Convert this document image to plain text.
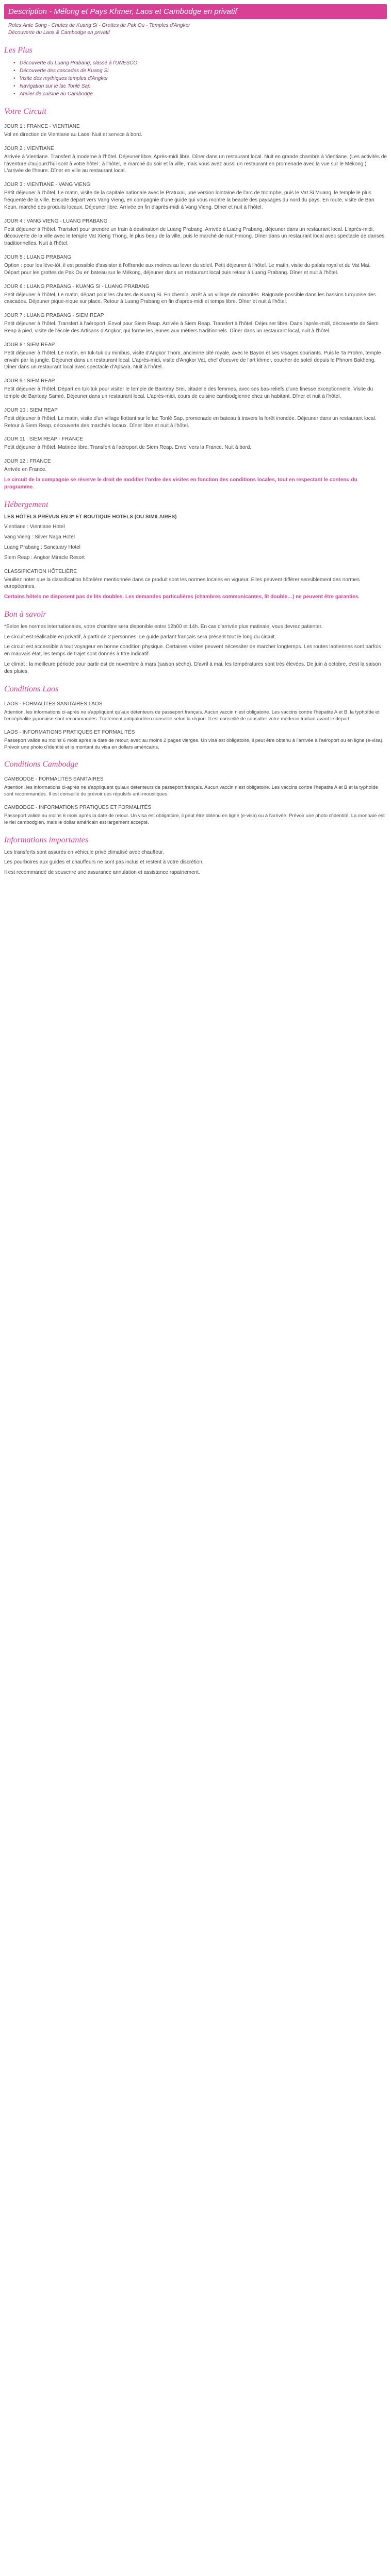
Description - Mélong et Pays Khmer, Laos et Cambodge en privatif
Roles Ante Song - Chutes de Kuang Si - Grottes de Pak Ou - Temples d'Angkor
Découverte du Laos & Cambodge en privatif
Les Plus
• Découverte du Luang Prabang, classé à l'UNESCO
• Découverte des cascades de Kuang Si
• Visite des mythiques temples d'Angkor
• Navigation sur le lac Tonlé Sap
• Atelier de cuisine au Cambodge
Votre Circuit
JOUR 1 : FRANCE - VIENTIANE

Vol en direction de Vientiane au Laos. Nuit et service à bord.

JOUR 2 : VIENTIANE

Arrivée à Vientiane. Transfert à moderne à l'hôtel. Déjeuner libre. Après-midi libre. Dîner dans un restaurant local. Nuit en grande chambre à Vientiane. (Les activités de l'aventure d'aujourd'hui sont à votre hôtel : à l'hôtel, le marché du soir et la ville, mais vous avez aussi un restaurant en promenade avec la vue sur le Mékong.) L'arrivée de l'heure. Dîner en ville au restaurant local.

JOUR 3 : VIENTIANE - VANG VIENG

Petit déjeuner à l'hôtel. Le matin, visite de la capitale nationale avec le Pratuxai, une version lointaine de l'arc de triomphe, puis le Vat Si Muang, le temple le plus fréquenté de la ville. Ensuite départ vers Vang Vieng, en compagnie d'une guide qui vous montre la beauté des paysages du nord du pays. En route, visite de Ban Keun, marché des produits locaux. Déjeuner libre. Arrivée en fin d'après-midi à Vang Vieng. Dîner et nuit à l'hôtel.

JOUR 4 : VANG VIENG - LUANG PRABANG

Petit déjeuner à l'hôtel. Transfert pour prendre un train à destination de Luang Prabang. Arrivée à Luang Prabang, déjeuner dans un restaurant local. L'après-midi, découverte de la ville avec le temple Vat Xieng Thong, le plus beau de la ville, puis le marché de nuit Hmong. Dîner dans un restaurant local avec spectacle de danses traditionnelles. Nuit à l'hôtel.

JOUR 5 : LUANG PRABANG

Option : pour les lève-tôt, il est possible d'assister à l'offrande aux moines au lever du soleil. Petit déjeuner à l'hôtel. Le matin, visite du palais royal et du Vat Mai. Départ pour les grottes de Pak Ou en bateau sur le Mékong, déjeuner dans un restaurant local puis retour à Luang Prabang. Dîner et nuit à l'hôtel.

JOUR 6 : LUANG PRABANG - KUANG SI - LUANG PRABANG

Petit déjeuner à l'hôtel. Le matin, départ pour les chutes de Kuang Si. En chemin, arrêt à un village de minorités. Baignade possible dans les bassins turquoise des cascades. Déjeuner pique-nique sur place. Retour à Luang Prabang en fin d'après-midi et temps libre. Dîner et nuit à l'hôtel.

JOUR 7 : LUANG PRABANG - SIEM REAP

Petit déjeuner à l'hôtel. Transfert à l'aéroport. Envol pour Siem Reap. Arrivée à Siem Reap. Transfert à l'hôtel. Déjeuner libre. Dans l'après-midi, découverte de Siem Reap à pied, visite de l'école des Artisans d'Angkor, qui forme les jeunes aux métiers traditionnels. Dîner dans un restaurant local, nuit à l'hôtel.

JOUR 8 : SIEM REAP

Petit déjeuner à l'hôtel. Le matin, en tuk-tuk ou minibus, visite d'Angkor Thom, ancienne cité royale, avec le Bayon et ses visages souriants. Puis le Ta Prohm, temple envahi par la jungle. Déjeuner dans un restaurant local. L'après-midi, visite d'Angkor Vat, chef d'oeuvre de l'art khmer, coucher de soleil depuis le Phnom Bakheng. Dîner dans un restaurant local avec spectacle d'Apsara. Nuit à l'hôtel.

JOUR 9 : SIEM REAP

Petit déjeuner à l'hôtel. Départ en tuk-tuk pour visiter le temple de Banteay Srei, citadelle des femmes, avec ses bas-reliefs d'une finesse exceptionnelle. Visite du temple de Banteay Samré. Déjeuner dans un restaurant local. L'après-midi, cours de cuisine cambodgienne chez un habitant. Dîner et nuit à l'hôtel.

JOUR 10 : SIEM REAP

Petit déjeuner à l'hôtel. Le matin, visite d'un village flottant sur le lac Tonlé Sap, promenade en bateau à travers la forêt inondée. Déjeuner dans un restaurant local. Retour à Siem Reap, découverte des marchés locaux. Dîner libre et nuit à l'hôtel.

JOUR 11 : SIEM REAP - FRANCE

Petit déjeuner à l'hôtel. Matinée libre. Transfert à l'aéroport de Siem Reap. Envol vers la France. Nuit à bord.

JOUR 12 : FRANCE

Arrivée en France.

Le circuit de la compagnie se réserve le droit de modifier l'ordre des visites en fonction des conditions locales, tout en respectant le contenu du programme.

Hébergement

LES HÔTELS PRÉVUS EN 3* ET BOUTIQUE HOTELS (OU SIMILAIRES)

Vientiane : Vientiane Hotel

Vang Vieng : Silver Naga Hotel

Luang Prabang : Sanctuary Hotel

Siem Reap : Angkor Miracle Resort

CLASSIFICATION HÔTELIÈRE

Veuillez noter que la classification hôtelière mentionnée dans ce produit sont les normes locales en vigueur. Elles peuvent différer sensiblement des normes européennes.

Certains hôtels ne disposent pas de lits doubles. Les demandes particulières (chambres communicantes, lit double…) ne peuvent être garanties.

Bon à savoir

*Selon les normes internationales, votre chambre sera disponible entre 12h00 et 14h. En cas d'arrivée plus matinale, vous devrez patienter.

Le circuit est réalisable en privatif, à partir de 2 personnes. Le guide parlant français sera présent tout le long du circuit.

Le circuit est accessible à tout voyageur en bonne condition physique. Certaines visites peuvent nécessiter de marcher longtemps. Les routes laotiennes sont parfois en mauvais état, les temps de trajet sont donnés à titre indicatif.

Le climat : la meilleure période pour partir est de novembre à mars (saison sèche). D'avril à mai, les températures sont très élevées. De juin à octobre, c'est la saison des pluies.

Conditions Laos
LAOS - FORMALITÉS SANITAIRES LAOS

Attention, les informations ci-après ne s'appliquent qu'aux détenteurs de passeport français. Aucun vaccin n'est obligatoire. Les vaccins contre l'hépatite A et B, la typhoïde et l'encéphalite japonaise sont recommandés. Traitement antipaludéen conseillé selon la région. Il est conseillé de consulter votre médecin traitant avant le départ.

LAOS - INFORMATIONS PRATIQUES ET FORMALITÉS

Passeport valide au moins 6 mois après la date de retour, avec au moins 2 pages vierges. Un visa est obligatoire, il peut être obtenu à l'arrivée à l'aéroport ou en ligne (e-visa). Prévoir une photo d'identité et le montant du visa en dollars américains.

Conditions Cambodge
CAMBODGE - FORMALITÉS SANITAIRES

Attention, les informations ci-après ne s'appliquent qu'aux détenteurs de passeport français. Aucun vaccin n'est obligatoire. Les vaccins contre l'hépatite A et B et la typhoïde sont recommandés. Il est conseillé de prévoir des répulsifs anti-moustiques.

CAMBODGE - INFORMATIONS PRATIQUES ET FORMALITÉS

Passeport valide au moins 6 mois après la date de retour. Un visa est obligatoire, il peut être obtenu en ligne (e-visa) ou à l'arrivée. Prévoir une photo d'identité. La monnaie est le riel cambodgien, mais le dollar américain est largement accepté.

Informations importantes

Les transferts sont assurés en véhicule privé climatisé avec chauffeur.

Les pourboires aux guides et chauffeurs ne sont pas inclus et restent à votre discrétion.

Il est recommandé de souscrire une assurance annulation et assistance rapatriement.
